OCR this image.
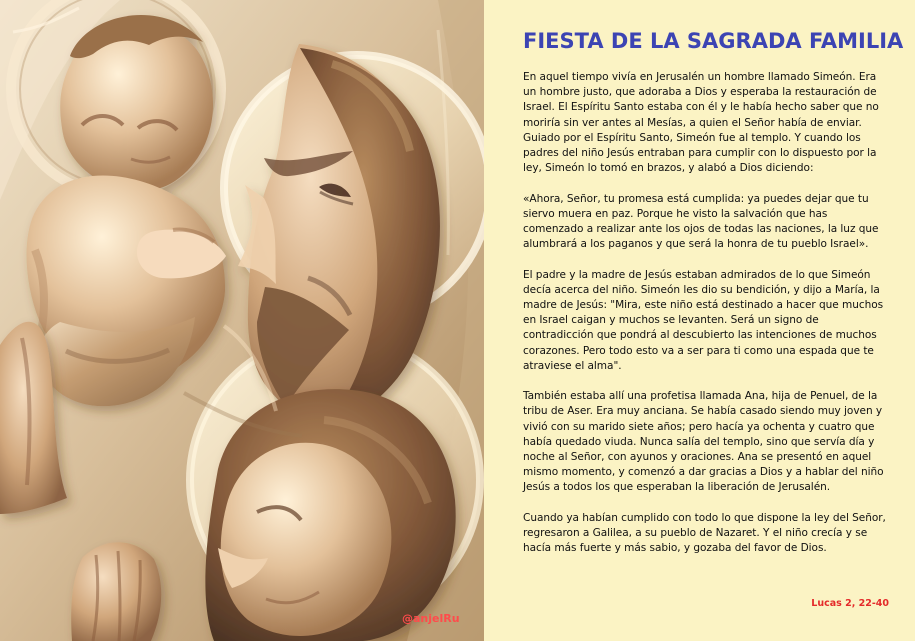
@anjelRu
FIESTA DE LA SAGRADA FAMILIA

En aquel tiempo vivía en Jerusalén un hombre llamado Simeón. Era un hombre justo, que adoraba a Dios y esperaba la restauración de Israel. El Espíritu Santo estaba con él y le había hecho saber que no moriría sin ver antes al Mesías, a quien el Señor había de enviar. Guiado por el Espíritu Santo, Simeón fue al templo. Y cuando los padres del niño Jesús entraban para cumplir con lo dispuesto por la ley, Simeón lo tomó en brazos, y alabó a Dios diciendo:

«Ahora, Señor, tu promesa está cumplida: ya puedes dejar que tu siervo muera en paz. Porque he visto la salvación que has comenzado a realizar ante los ojos de todas las naciones, la luz que alumbrará a los paganos y que será la honra de tu pueblo Israel».

El padre y la madre de Jesús estaban admirados de lo que Simeón decía acerca del niño. Simeón les dio su bendición, y dijo a María, la madre de Jesús: "Mira, este niño está destinado a hacer que muchos en Israel caigan y muchos se levanten. Será un signo de contradicción que pondrá al descubierto las intenciones de muchos corazones. Pero todo esto va a ser para ti como una espada que te atraviese el alma".

También estaba allí una profetisa llamada Ana, hija de Penuel, de la tribu de Aser. Era muy anciana. Se había casado siendo muy joven y vivió con su marido siete años; pero hacía ya ochenta y cuatro que había quedado viuda. Nunca salía del templo, sino que servía día y noche al Señor, con ayunos y oraciones. Ana se presentó en aquel mismo momento, y comenzó a dar gracias a Dios y a hablar del niño Jesús a todos los que esperaban la liberación de Jerusalén.

Cuando ya habían cumplido con todo lo que dispone la ley del Señor, regresaron a Galilea, a su pueblo de Nazaret. Y el niño crecía y se hacía más fuerte y más sabio, y gozaba del favor de Dios.

Lucas 2, 22-40
